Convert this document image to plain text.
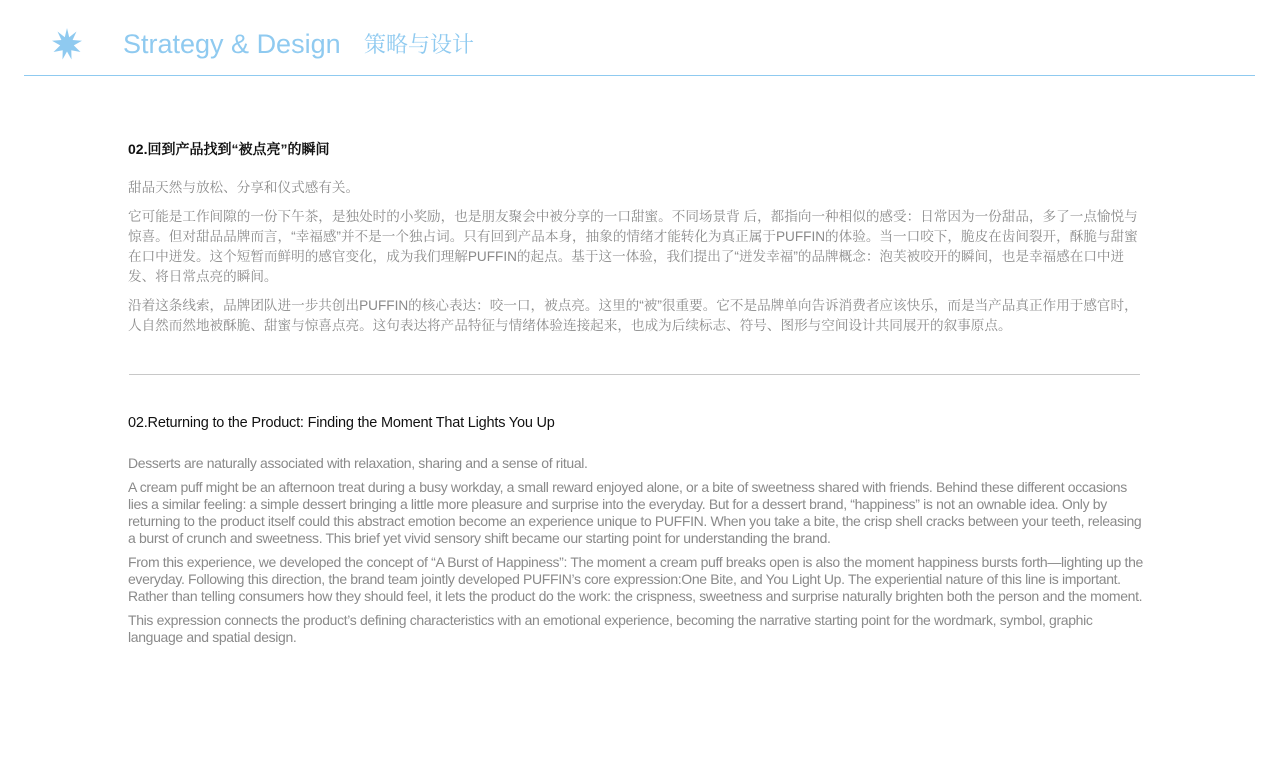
Strategy & Design 策略与设计
02.回到产品找到“被点亮”的瞬间

甜品天然与放松、分享和仪式感有关。

它可能是工作间隙的一份下午茶，是独处时的小奖励，也是朋友聚会中被分享的一口甜蜜。不同场景背 后，都指向一种相似的感受：日常因为一份甜品，多了一点愉悦与惊喜。但对甜品品牌而言，“幸福感”并不是一个独占词。只有回到产品本身，抽象的情绪才能转化为真正属于PUFFIN的体验。当一口咬下，脆皮在齿间裂开，酥脆与甜蜜在口中迸发。这个短暂而鲜明的感官变化，成为我们理解PUFFIN的起点。基于这一体验，我们提出了“迸发幸福”的品牌概念：泡芙被咬开的瞬间，也是幸福感在口中迸发、将日常点亮的瞬间。

沿着这条线索，品牌团队进一步共创出PUFFIN的核心表达：咬一口，被点亮。这里的“被”很重要。它不是品牌单向告诉消费者应该快乐，而是当产品真正作用于感官时，人自然而然地被酥脆、甜蜜与惊喜点亮。这句表达将产品特征与情绪体验连接起来，也成为后续标志、符号、图形与空间设计共同展开的叙事原点。

02.Returning to the Product: Finding the Moment That Lights You Up

Desserts are naturally associated with relaxation, sharing and a sense of ritual.

A cream puff might be an afternoon treat during a busy workday, a small reward enjoyed alone, or a bite of sweetness shared with friends. Behind these different occasions lies a similar feeling: a simple dessert bringing a little more pleasure and surprise into the everyday. But for a dessert brand, “happiness” is not an ownable idea. Only by returning to the product itself could this abstract emotion become an experience unique to PUFFIN. When you take a bite, the crisp shell cracks between your teeth, releasing a burst of crunch and sweetness. This brief yet vivid sensory shift became our starting point for understanding the brand.

From this experience, we developed the concept of “A Burst of Happiness”: The moment a cream puff breaks open is also the moment happiness bursts forth—lighting up the everyday. Following this direction, the brand team jointly developed PUFFIN’s core expression:One Bite, and You Light Up. The experiential nature of this line is important. Rather than telling consumers how they should feel, it lets the product do the work: the crispness, sweetness and surprise naturally brighten both the person and the moment.

This expression connects the product’s defining characteristics with an emotional experience, becoming the narrative starting point for the wordmark, symbol, graphic language and spatial design.
